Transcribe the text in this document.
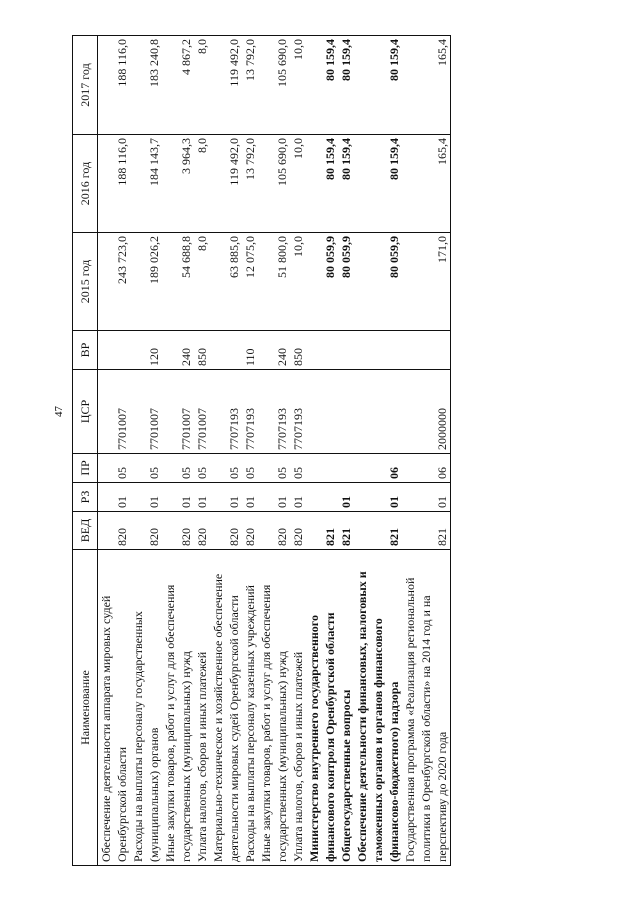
47
Наименование	ВЕД	РЗ	ПР	ЦСР	ВР	2015 год	2016 год	2017 год
Обеспечение деятельности аппарата мировых судей Оренбургской области	820	01	05	7701007		243 723,0	188 116,0	188 116,0
Расходы на выплаты персоналу государственных (муниципальных) органов	820	01	05	7701007	120	189 026,2	184 143,7	183 240,8
Иные закупки товаров, работ и услуг для обеспечения государственных (муниципальных) нужд	820	01	05	7701007	240	54 688,8	3 964,3	4 867,2
Уплата налогов, сборов и иных платежей	820	01	05	7701007	850	8,0	8,0	8,0
Материально-техническое и хозяйственное обеспечение деятельности мировых судей Оренбургской области	820	01	05	7707193		63 885,0	119 492,0	119 492,0
Расходы на выплаты персоналу казенных учреждений	820	01	05	7707193	110	12 075,0	13 792,0	13 792,0
Иные закупки товаров, работ и услуг для обеспечения государственных (муниципальных) нужд	820	01	05	7707193	240	51 800,0	105 690,0	105 690,0
Уплата налогов, сборов и иных платежей	820	01	05	7707193	850	10,0	10,0	10,0
Министерство внутреннего государственного финансового контроля Оренбургской области	821					80 059,9	80 159,4	80 159,4
Общегосударственные вопросы	821	01				80 059,9	80 159,4	80 159,4
Обеспечение деятельности финансовых, налоговых и таможенных органов и органов финансового (финансово-бюджетного) надзора	821	01	06			80 059,9	80 159,4	80 159,4
Государственная программа «Реализация региональной политики в Оренбургской области» на 2014 год и на перспективу до 2020 года	821	01	06	2000000		171,0	165,4	165,4
